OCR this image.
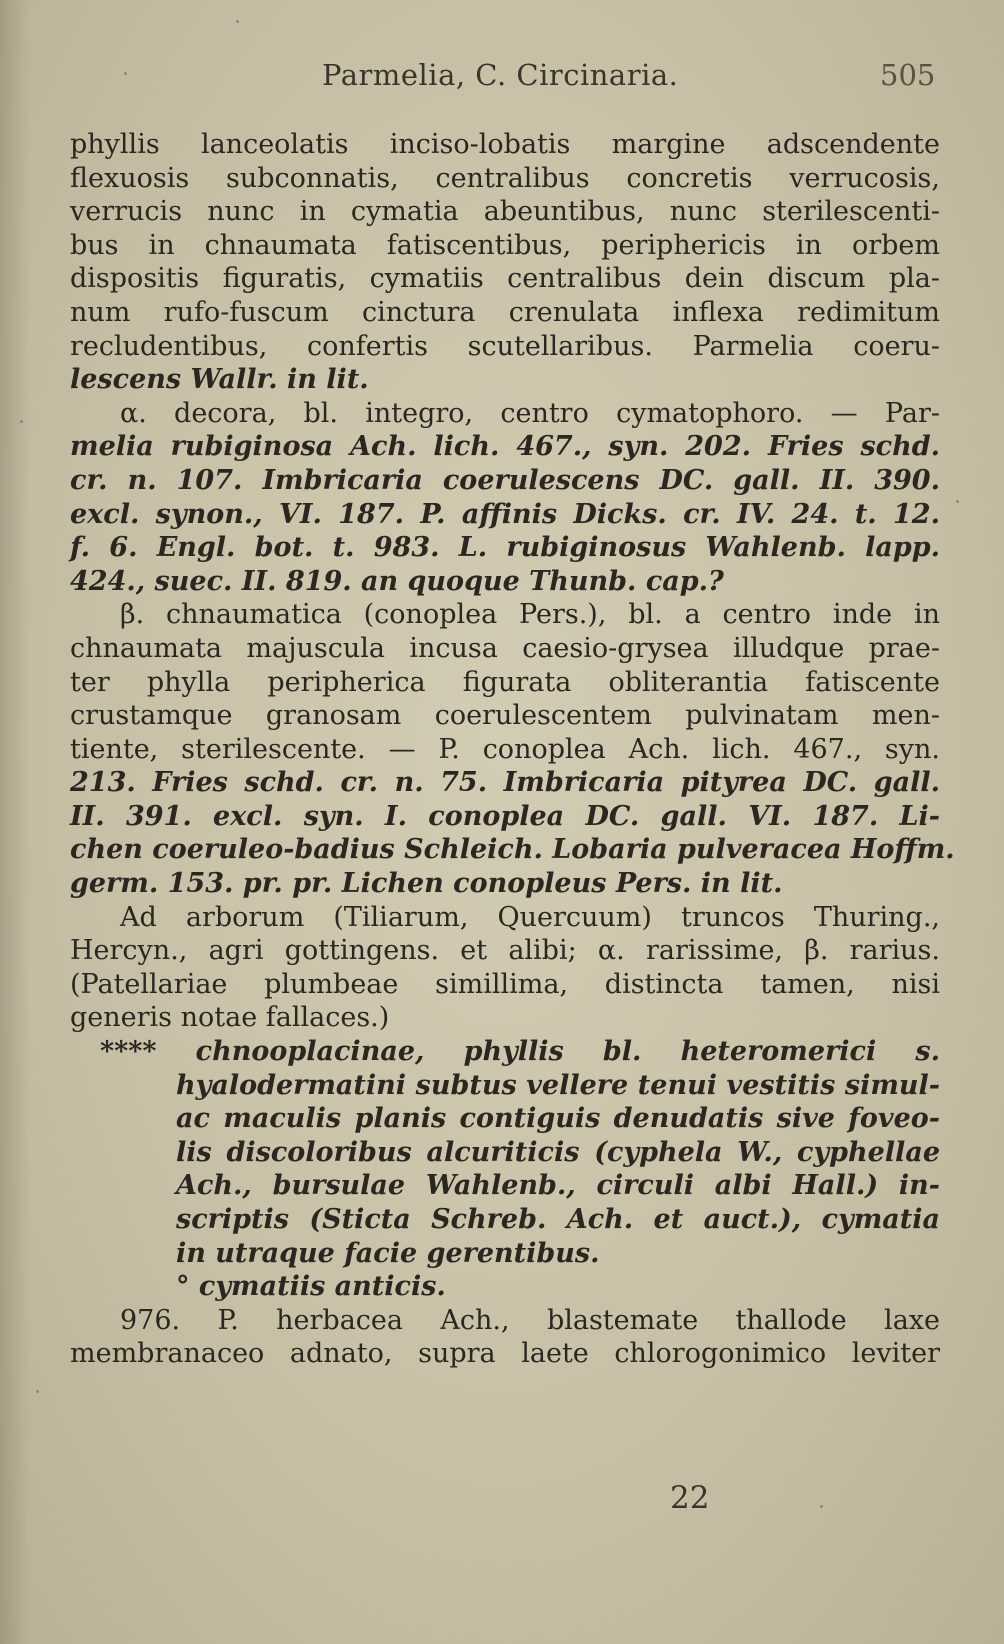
Parmelia, C. Circinaria.	505
phyllis lanceolatis inciso-lobatis margine adscendente
flexuosis subconnatis, centralibus concretis verrucosis,
verrucis nunc in cymatia abeuntibus, nunc sterilescenti-
bus in chnaumata fatiscentibus, periphericis in orbem
dispositis figuratis, cymatiis centralibus dein discum pla-
num rufo-fuscum cinctura crenulata inflexa redimitum
recludentibus, confertis scutellaribus. Parmelia coeru-
lescens Wallr. in lit.
α. decora, bl. integro, centro cymatophoro. — Par-
melia rubiginosa Ach. lich. 467., syn. 202. Fries schd.
cr. n. 107. Imbricaria coerulescens DC. gall. II. 390.
excl. synon., VI. 187. P. affinis Dicks. cr. IV. 24. t. 12.
f. 6. Engl. bot. t. 983. L. rubiginosus Wahlenb. lapp.
424., suec. II. 819. an quoque Thunb. cap.?
β. chnaumatica (conoplea Pers.), bl. a centro inde in
chnaumata majuscula incusa caesio-grysea illudque prae-
ter phylla peripherica figurata obliterantia fatiscente
crustamque granosam coerulescentem pulvinatam men-
tiente, sterilescente. — P. conoplea Ach. lich. 467., syn.
213. Fries schd. cr. n. 75. Imbricaria pityrea DC. gall.
II. 391. excl. syn. I. conoplea DC. gall. VI. 187. Li-
chen coeruleo-badius Schleich. Lobaria pulveracea Hoffm.
germ. 153. pr. pr. Lichen conopleus Pers. in lit.
Ad arborum (Tiliarum, Quercuum) truncos Thuring.,
Hercyn., agri gottingens. et alibi; α. rarissime, β. rarius.
(Patellariae plumbeae simillima, distincta tamen, nisi
generis notae fallaces.)
**** chnooplacinae, phyllis bl. heteromerici s.
hyalodermatini subtus vellere tenui vestitis simul-
ac maculis planis contiguis denudatis sive foveo-
lis discoloribus alcuriticis (cyphela W., cyphellae
Ach., bursulae Wahlenb., circuli albi Hall.) in-
scriptis (Sticta Schreb. Ach. et auct.), cymatia
in utraque facie gerentibus.
° cymatiis anticis.
976. P. herbacea Ach., blastemate thallode laxe
membranaceo adnato, supra laete chlorogonimico leviter
22
